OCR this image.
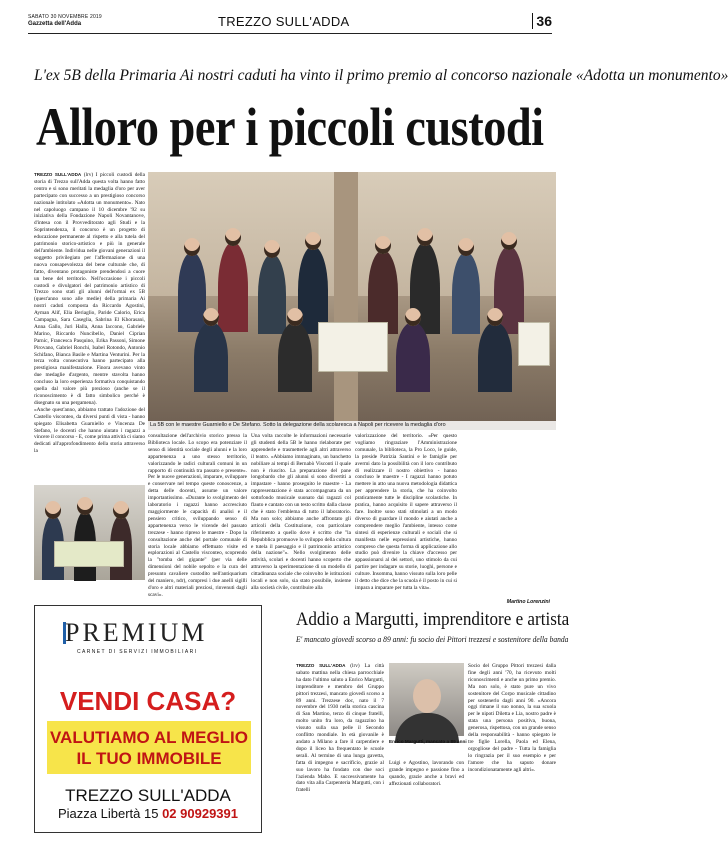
SABATO 30 NOVEMBRE 2019
Gazzetta dell'Adda	TREZZO SULL'ADDA	36
L'ex 5B della Primaria Ai nostri caduti ha vinto il primo premio al concorso nazionale «Adotta un monumento»
Alloro per i piccoli custodi
TREZZO SULL'ADDA (lrv) I piccoli custodi della storia di Trezzo sull'Adda questa volta hanno fatto centro e si sono meritati la medaglia d'oro per aver partecipato con successo a un prestigioso concorso nazionale intitolato «Adotta un monumento». Nato nel capoluogo campano il 10 dicembre '92 su iniziativa della Fondazione Napoli Novantanove, d'intesa con il Provveditorato agli Studi e la Soprintendenza, il concorso è un progetto di educazione permanente al rispetto e alla tutela del patrimonio storico-artistico e più in generale dell'ambiente. Individua nelle giovani generazioni il soggetto privilegiato per l'affermazione di una nuova consapevolezza del bene culturale che, di fatto, diventano protagoniste prendendosi a cuore un bene del territorio. Nell'occasione i piccoli custodi e divulgatori del patrimonio artistico di Trezzo sono stati gli alunni dell'ormai ex 5B (quest'anno sono alle medie) della primaria Ai nostri caduti composta da Riccardo Agostini, Ayman Alif, Elia Beriaglio, Paride Calorio, Erica Campagna, Sara Caseglia, Sabrina El Khorasani, Anna Gallo, Juri Halla, Anna Iaccono, Gabriele Marino, Riccardo Nuncibello, Daniel Ciprian Parnic, Francesca Pasquino, Erika Passoni, Simone Pirovano, Gabriel Ronchi, Isabel Rotondo, Antonio Schifano, Bianca Basile e Martina Venturini. Per la terza volta consecutiva hanno partecipato alla prestigiosa manifestazione. Finora avevano vinto due medaglie d'argento, mentre stavolta hanno concluso la loro esperienza formativa conquistando quella dal valore più prezioso (anche se il riconoscimento è di fatto simbolico perché è disegnato su una pergamena).
«Anche quest'anno, abbiamo trattato l'adozione del Castello visconteo, da diversi punti di vista - hanno spiegato Elisabetta Guarniello e Vincenza De Stefano, le docenti che hanno aiutato i ragazzi a vincere il concorso - E, come prima attività ci siamo dedicati all'approfondimento della storia attraverso la
La 5B con le maestre Guarniello e De Stefano. Sotto la delegazione della scolaresca a Napoli per ricevere la medaglia d'oro
consultazione dell'archivio storico presso la Biblioteca locale. Lo scopo era potenziare il senso di identità sociale degli alunni e la loro appartenenza a uno stesso territorio, valorizzando le radici culturali comuni in un rapporto di continuità tra passato e presente». Per le nuove generazioni, imparare, sviluppare e conservare nel tempo queste conoscenze, a detta delle docenti, assume un valore importantissimo. «Durante lo svolgimento del laboratorio i ragazzi hanno accresciuto maggiormente le capacità di analisi e il pensiero critico, sviluppando senso di appartenenza verso le vicende del passato trezzese - hanno ripreso le maestre - Dopo la consultazione anche del portale comunale di storia locale abbiamo effettuato visite ed esplorazioni al Castello visconteo, scoprendo la "tomba del gigante" (per via delle dimensioni del nobile sepolto e la cura del presunto cavaliere custodito nell'antiquarium del maniero, ndr), compresi i due anelli sigilli d'oro e altri materiali preziosi, rinvenuti dagli scavi».
Una volta raccolte le informazioni necessarie gli studenti della 5B le hanno rielaborate per apprenderle e trasmetterle agli altri attraverso il teatro. «Abbiamo immaginato, un banchetto nobiliare ai tempi di Bernabò Visconti il quale non è riuscito. La preparazione del pane longobardo che gli alunni si sono divertiti a impastare - hanno proseguito le maestre - La rappresentazione è stata accompagnata da un sottofondo musicale suonato dai ragazzi col flauto e cantato con un testo scritto dalla classe che è stato l'emblema di tutto il laboratorio. Ma non solo; abbiamo anche affrontato gli articoli della Costituzione, con particolare riferimento a quello dove è scritto che "la Repubblica promuove lo sviluppo della cultura e tutela il paesaggio e il patrimonio artistico della nazione"». Nello svolgimento delle attività, scolari e docenti hanno scoperto che attraverso la sperimentazione di un modello di cittadinanza sociale che coinvolto le istituzioni locali e non solo, sia stato possibile, insieme alla società civile, contribuire alla
valorizzazione del territorio. «Per questo vogliamo ringraziare l'Amministrazione comunale, la biblioteca, la Pro Loco, le guide, la preside Patrizia Santini e le famiglie per avermi dato la possibilità con il loro contributo di realizzare il nostro obiettivo - hanno concluso le maestre - I ragazzi hanno potuto mettere in atto una nuova metodologia didattica per apprendere la storia, che ha coinvolto praticamente tutte le discipline scolastiche. In pratica, hanno acquisito il sapere attraverso il fare. Inoltre sono stati stimolati a un modo diverso di guardare il mondo e aiutati anche a comprendere meglio l'ambiente, intesso come sintesi di esperienze culturali e sociali che si manifesta nelle espressioni artistiche, hanno compreso che questa forma di applicazione allo studio può divenire la chiave d'accesso per appassionarsi al dei settori, uno stimolo da cui partire per indagare su storie, luoghi, persone e culture. Insomma, hanno vissuto sulla loro pelle il detto che dice che la scuola è il posto in cui si impara a imparare per tutta la vita».
Martino Lorenzini
PREMIUM
CARNET DI SERVIZI IMMOBILIARI
VENDI CASA?
VALUTIAMO AL MEGLIO
IL TUO IMMOBILE
TREZZO SULL'ADDA
Piazza Libertà 15 02 90929391
Addio a Margutti, imprenditore e artista
E' mancato giovedì scorso a 89 anni: fu socio dei Pittori trezzesi e sostenitore della banda
TREZZO SULL'ADDA (lrv) La città sabato mattina nella chiesa parrocchiale ha dato l'ultimo saluto a Enrico Margutti, imprenditore e membro del Gruppo pittori trezzesi, mancato giovedì scorso a 89 anni. Trezzese doc, nato il 7 novembre del 1930 nella storica cascina di San Martino, terzo di cinque fratelli, molto unito fra loro, da ragazzino ha vissuto sulla sua pelle il Secondo conflitto mondiale. In età giovanile è andato a Milano a fare il carpentiere e dopo il liceo ha frequentato le scuole serali. Al termine di una lunga gavetta, fatta di impegno e sacrificio, grazie al suo lavoro ha fondato con due soci l'azienda Mabo. E successivamente ha dato vita alla Carpenteria Margutti, con i fratelli
Luigi e Agostino, lavorando con grande impegno e passione fino a quando, grazie anche a bravi ed affezionati collaboratori.
Socio del Gruppo Pittori trezzesi dalla fine degli anni '70, ha ricevuto molti riconoscimenti e anche un primo premio. Ma non solo, è stato pure un vivo sostenitore del Corpo musicale cittadino per sostenerlo dagli anni 90. «Ancora oggi rimane il suo nonno, la sua scuola per le nipoti Diletta e Lia, nostro padre è stata una persona positiva, buona, generosa, rispettosa, con un grande senso della responsabilità - hanno spiegato le tre figlie Lorella, Paola ed Elena, orgogliose del padre - Tutta la famiglia lo ringrazia per il suo esempio e per l'amore che ha saputo donare incondizionatamente agli altri».
Enrico Margutti, mancato a 89 anni
